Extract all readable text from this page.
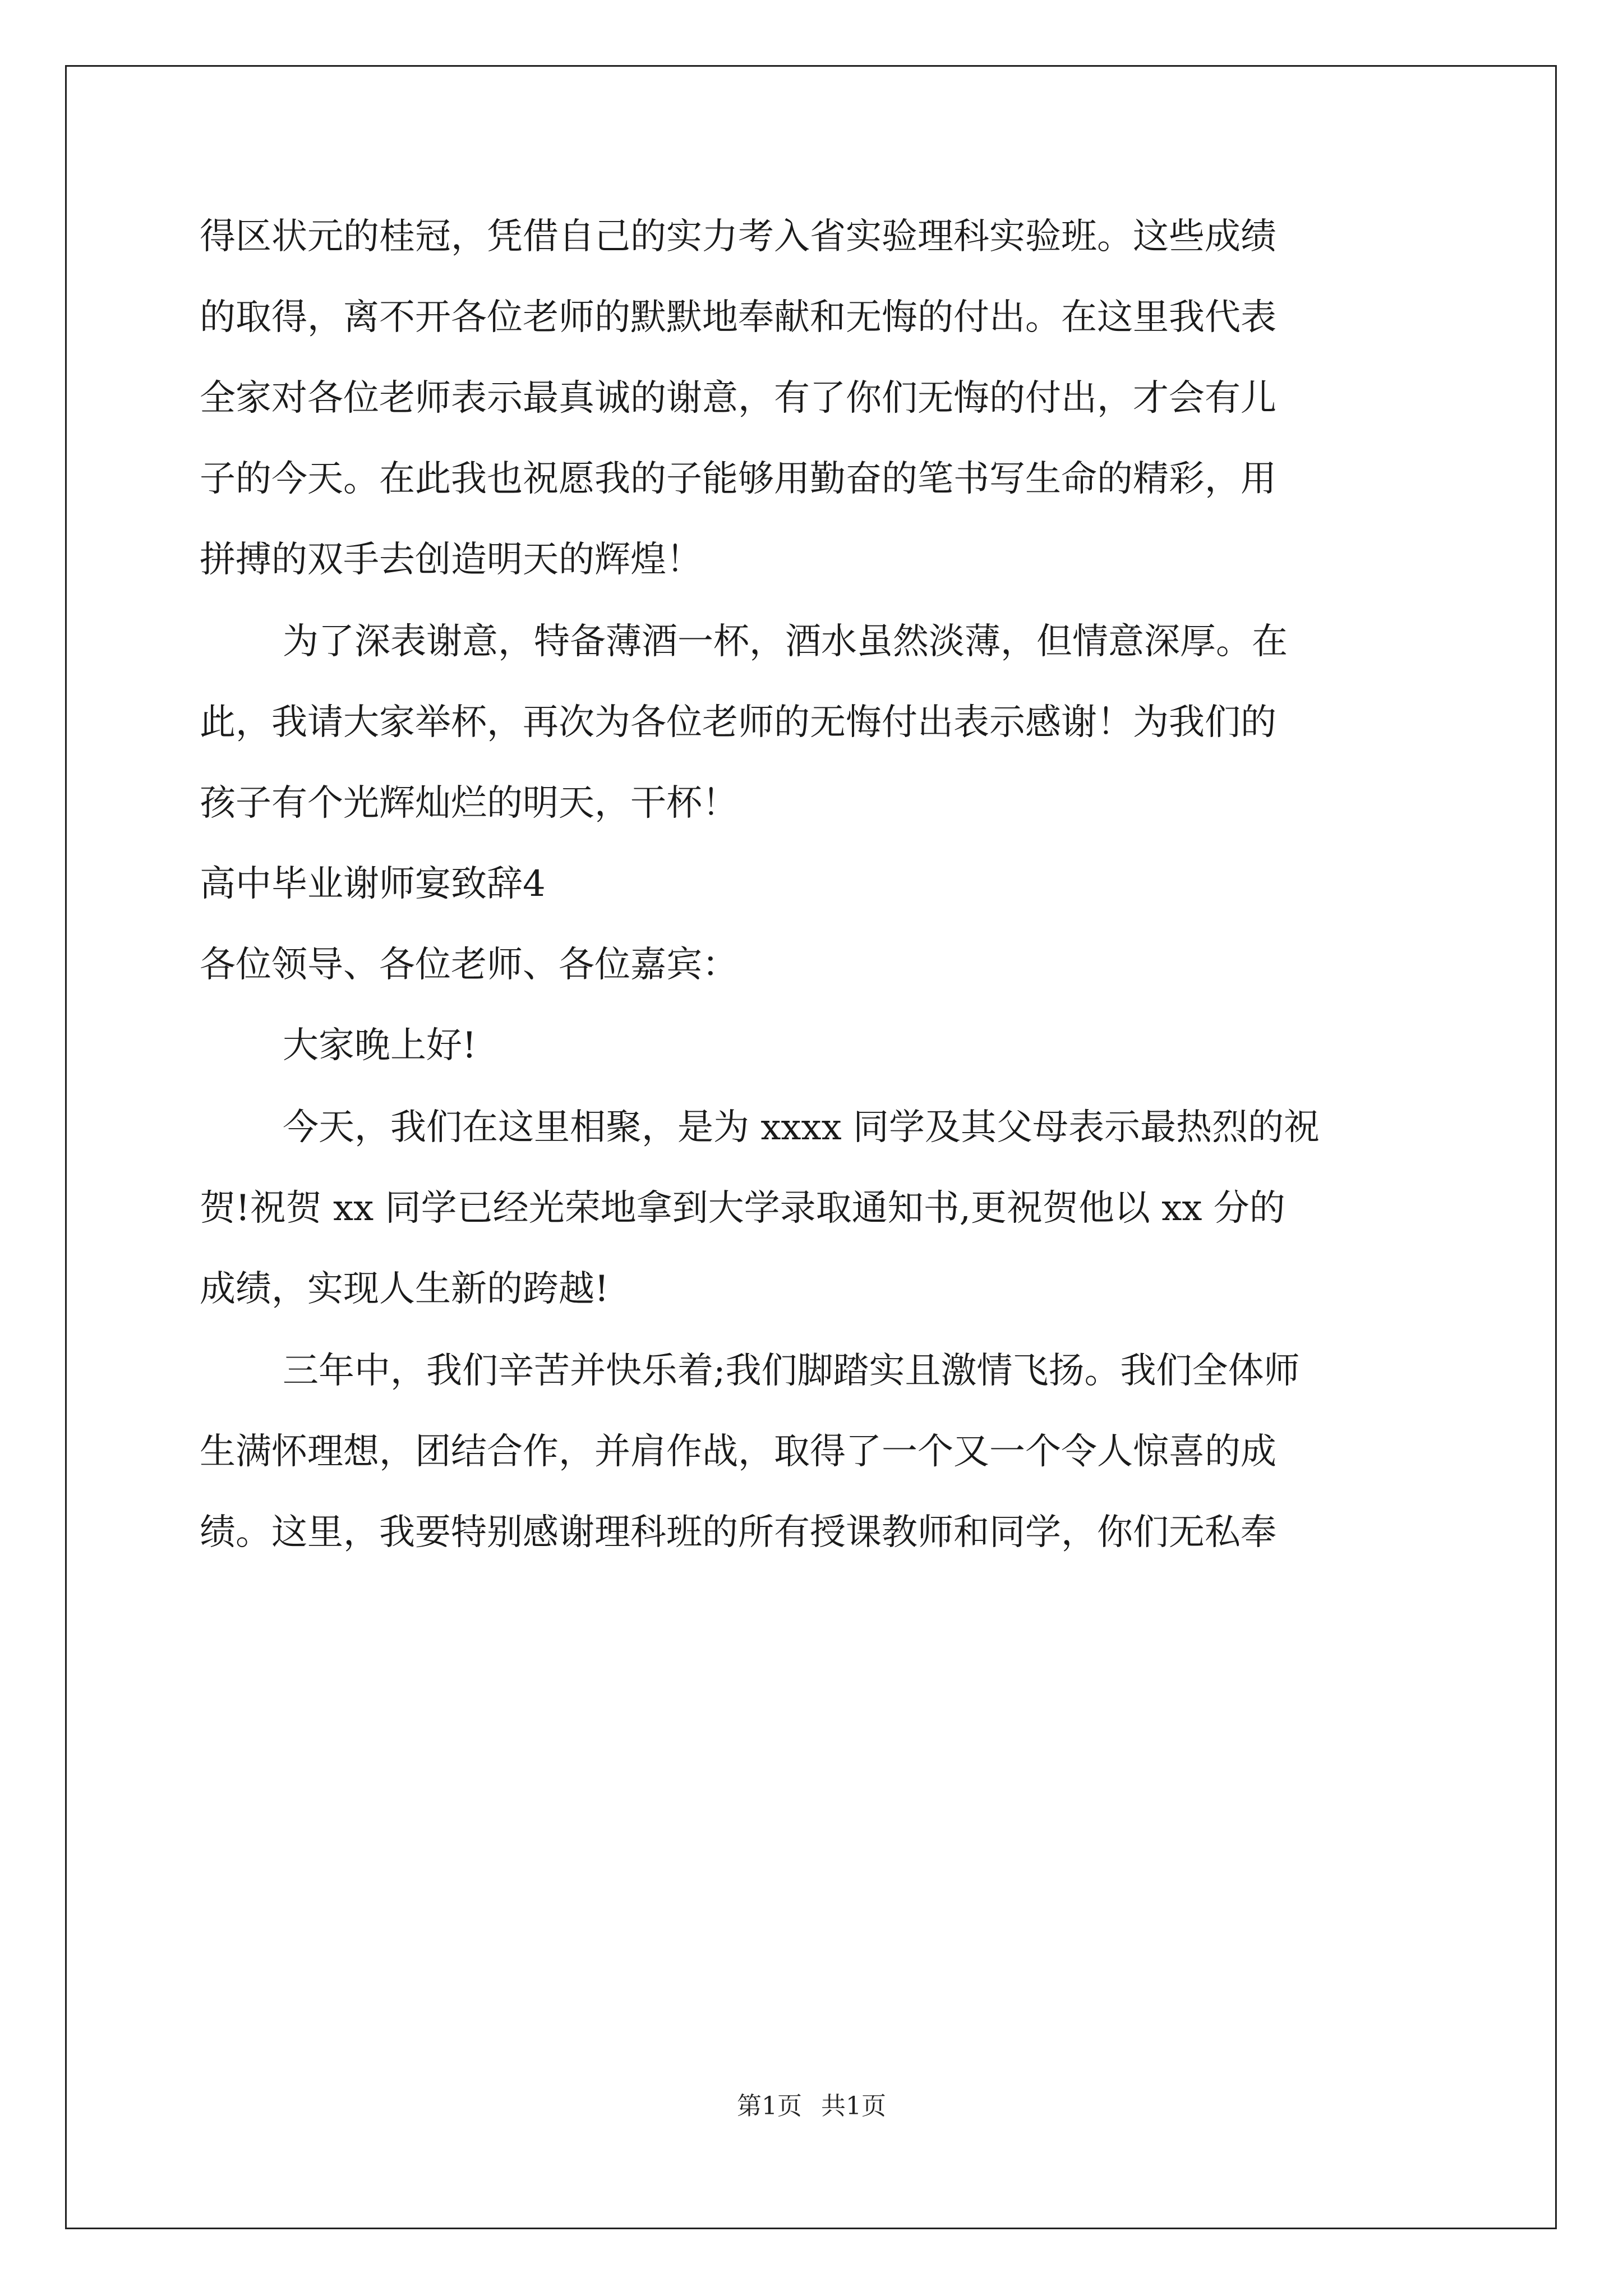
得区状元的桂冠，凭借自己的实力考入省实验理科实验班。这些成绩
的取得，离不开各位老师的默默地奉献和无悔的付出。在这里我代表
全家对各位老师表示最真诚的谢意，有了你们无悔的付出，才会有儿
子的今天。在此我也祝愿我的子能够用勤奋的笔书写生命的精彩，用
拼搏的双手去创造明天的辉煌！
为了深表谢意，特备薄酒一杯，酒水虽然淡薄，但情意深厚。在
此，我请大家举杯，再次为各位老师的无悔付出表示感谢！为我们的
孩子有个光辉灿烂的明天，干杯！
高中毕业谢师宴致辞4
各位领导、各位老师、各位嘉宾：
大家晚上好!
今天，我们在这里相聚，是为 xxxx 同学及其父母表示最热烈的祝
贺!祝贺 xx 同学已经光荣地拿到大学录取通知书,更祝贺他以 xx 分的
成绩，实现人生新的跨越!
三年中，我们辛苦并快乐着;我们脚踏实且激情飞扬。我们全体师
生满怀理想，团结合作，并肩作战，取得了一个又一个令人惊喜的成
绩。这里，我要特别感谢理科班的所有授课教师和同学，你们无私奉
第1页 共1页
